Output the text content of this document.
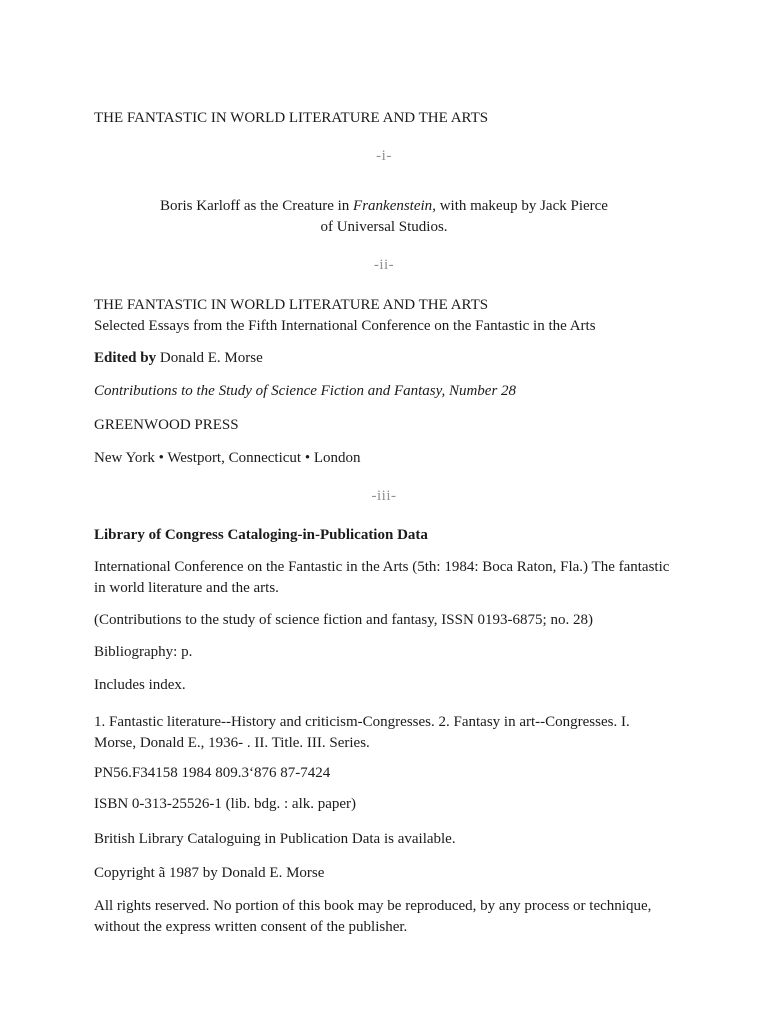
THE FANTASTIC IN WORLD LITERATURE AND THE ARTS

-i-

Boris Karloff as the Creature in Frankenstein, with makeup by Jack Pierce
of Universal Studios.

-ii-

THE FANTASTIC IN WORLD LITERATURE AND THE ARTS
Selected Essays from the Fifth International Conference on the Fantastic in the Arts

Edited by Donald E. Morse

Contributions to the Study of Science Fiction and Fantasy, Number 28

GREENWOOD PRESS

New York • Westport, Connecticut • London

-iii-

Library of Congress Cataloging-in-Publication Data

International Conference on the Fantastic in the Arts (5th: 1984: Boca Raton, Fla.) The fantastic in world literature and the arts.

(Contributions to the study of science fiction and fantasy, ISSN 0193-6875; no. 28)

Bibliography: p.

Includes index.

1. Fantastic literature--History and criticism-Congresses. 2. Fantasy in art--Congresses. I. Morse, Donald E., 1936- . II. Title. III. Series.

PN56.F34158 1984 809.3‘876 87-7424

ISBN 0-313-25526-1 (lib. bdg. : alk. paper)

British Library Cataloguing in Publication Data is available.

Copyright ã 1987 by Donald E. Morse

All rights reserved. No portion of this book may be reproduced, by any process or technique, without the express written consent of the publisher.
